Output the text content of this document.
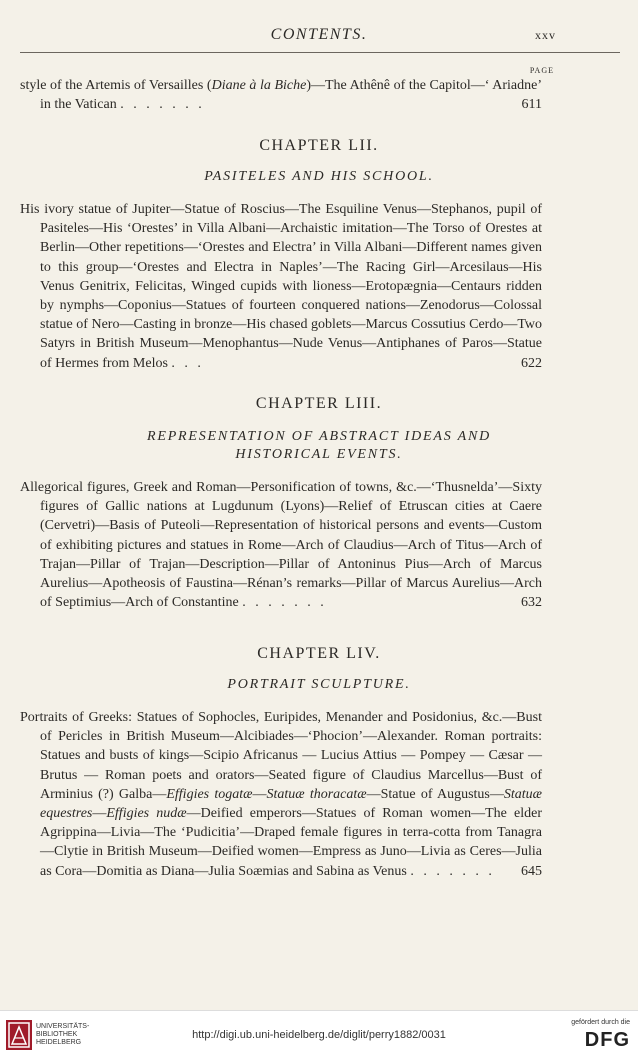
CONTENTS.	xxv
PAGE
style of the Artemis of Versailles (Diane à la Biche)—The Athênê of the Capitol—‘ Ariadne’ in the Vatican . . . . . . .	611
CHAPTER LII.
PASITELES AND HIS SCHOOL.
His ivory statue of Jupiter—Statue of Roscius—The Esquiline Venus—Stephanos, pupil of Pasiteles—His ‘Orestes’ in Villa Albani—Archaistic imitation—The Torso of Orestes at Berlin—Other repetitions—‘Orestes and Electra’ in Villa Albani—Different names given to this group—‘Orestes and Electra in Naples’—The Racing Girl—Arcesilaus—His Venus Genitrix, Felicitas, Winged cupids with lioness—Erotopægnia—Centaurs ridden by nymphs—Coponius—Statues of fourteen conquered nations—Zenodorus—Colossal statue of Nero—Casting in bronze—His chased goblets—Marcus Cossutius Cerdo—Two Satyrs in British Museum—Menophantus—Nude Venus—Antiphanes of Paros—Statue of Hermes from Melos . . .	622
CHAPTER LIII.
REPRESENTATION OF ABSTRACT IDEAS AND
HISTORICAL EVENTS.
Allegorical figures, Greek and Roman—Personification of towns, &c.—‘Thusnelda’—Sixty figures of Gallic nations at Lugdunum (Lyons)—Relief of Etruscan cities at Caere (Cervetri)—Basis of Puteoli—Representation of historical persons and events—Custom of exhibiting pictures and statues in Rome—Arch of Claudius—Arch of Titus—Arch of Trajan—Pillar of Trajan—Description—Pillar of Antoninus Pius—Arch of Marcus Aurelius—Apotheosis of Faustina—Rénan’s remarks—Pillar of Marcus Aurelius—Arch of Septimius—Arch of Constantine . . . . . . .	632
CHAPTER LIV.
PORTRAIT SCULPTURE.
Portraits of Greeks: Statues of Sophocles, Euripides, Menander and Posidonius, &c.—Bust of Pericles in British Museum—Alcibiades—‘Phocion’—Alexander. Roman portraits: Statues and busts of kings—Scipio Africanus — Lucius Attius — Pompey — Cæsar — Brutus — Roman poets and orators—Seated figure of Claudius Marcellus—Bust of Arminius (?) Galba—Effigies togatæ—Statuæ thoracatæ—Statue of Augustus—Statuæ equestres—Effigies nudæ—Deified emperors—Statues of Roman women—The elder Agrippina—Livia—The ‘Pudicitia’—Draped female figures in terra-cotta from Tanagra—Clytie in British Museum—Deified women—Empress as Juno—Livia as Ceres—Julia as Cora—Domitia as Diana—Julia Soæmias and Sabina as Venus . . . . . . . 645
UNIVERSITÄTS-
BIBLIOTHEK
HEIDELBERG
http://digi.ub.uni-heidelberg.de/diglit/perry1882/0031
gefördert durch die
DFG
